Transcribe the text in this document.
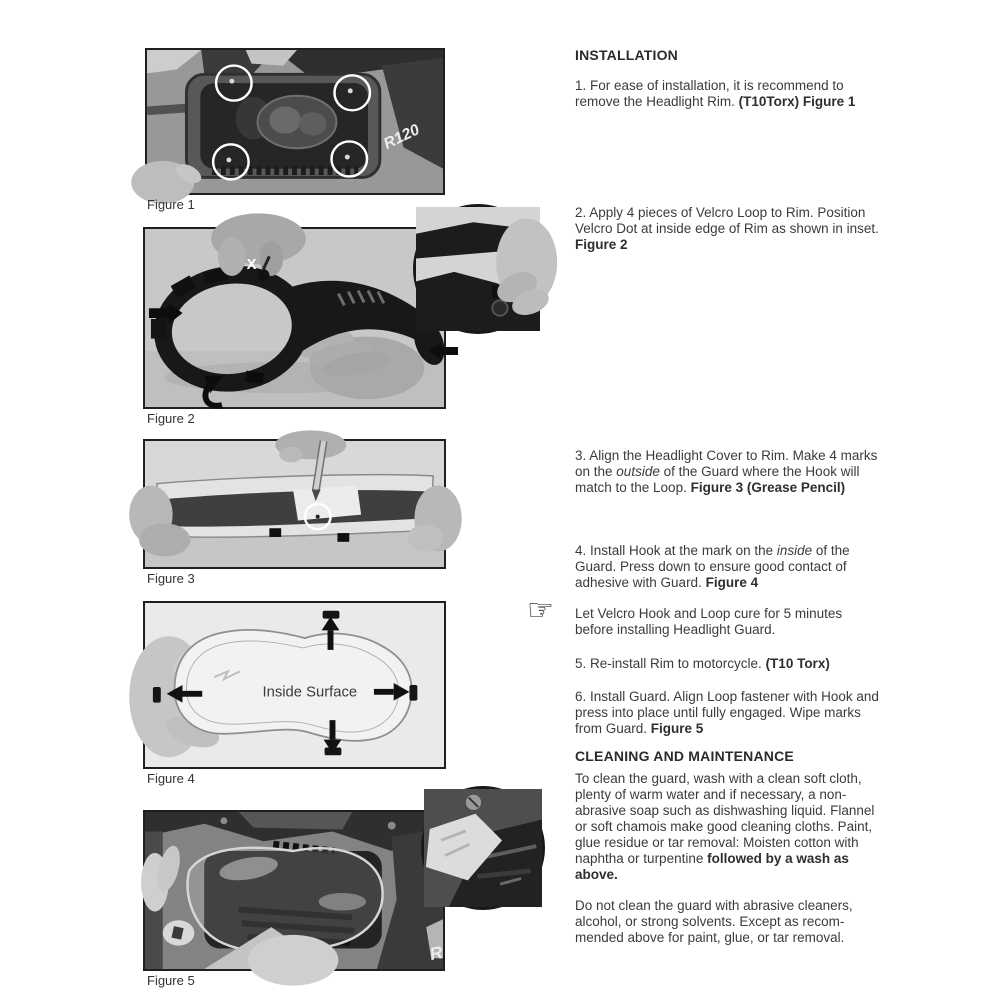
R120
Figure 1
X
Figure 2
Figure 3
Inside Surface
Figure 4
R
Figure 5
INSTALLATION

1. For ease of installation, it is recommend to remove the Headlight Rim. (T10Torx) Figure 1

2. Apply 4 pieces of Velcro Loop to Rim. Position Velcro Dot at inside edge of Rim as shown in inset. Figure 2

3. Align the Headlight Cover to Rim. Make 4 marks on the outside of the Guard where the Hook will match to the Loop. Figure 3 (Grease Pencil)

4. Install Hook at the mark on the inside of the Guard. Press down to ensure good contact of adhesive with Guard. Figure 4

☞ Let Velcro Hook and Loop cure for 5 minutes before installing Headlight Guard.

5. Re-install Rim to motorcycle. (T10 Torx)

6. Install Guard. Align Loop fastener with Hook and press into place until fully engaged. Wipe marks from Guard. Figure 5

CLEANING AND MAINTENANCE

To clean the guard, wash with a clean soft cloth, plenty of warm water and if necessary, a non-abrasive soap such as dishwashing liquid. Flannel or soft chamois make good cleaning cloths. Paint, glue residue or tar removal: Moisten cotton with naphtha or turpentine followed by a wash as above.

Do not clean the guard with abrasive cleaners, alcohol, or strong solvents. Except as recom-mended above for paint, glue, or tar removal.
